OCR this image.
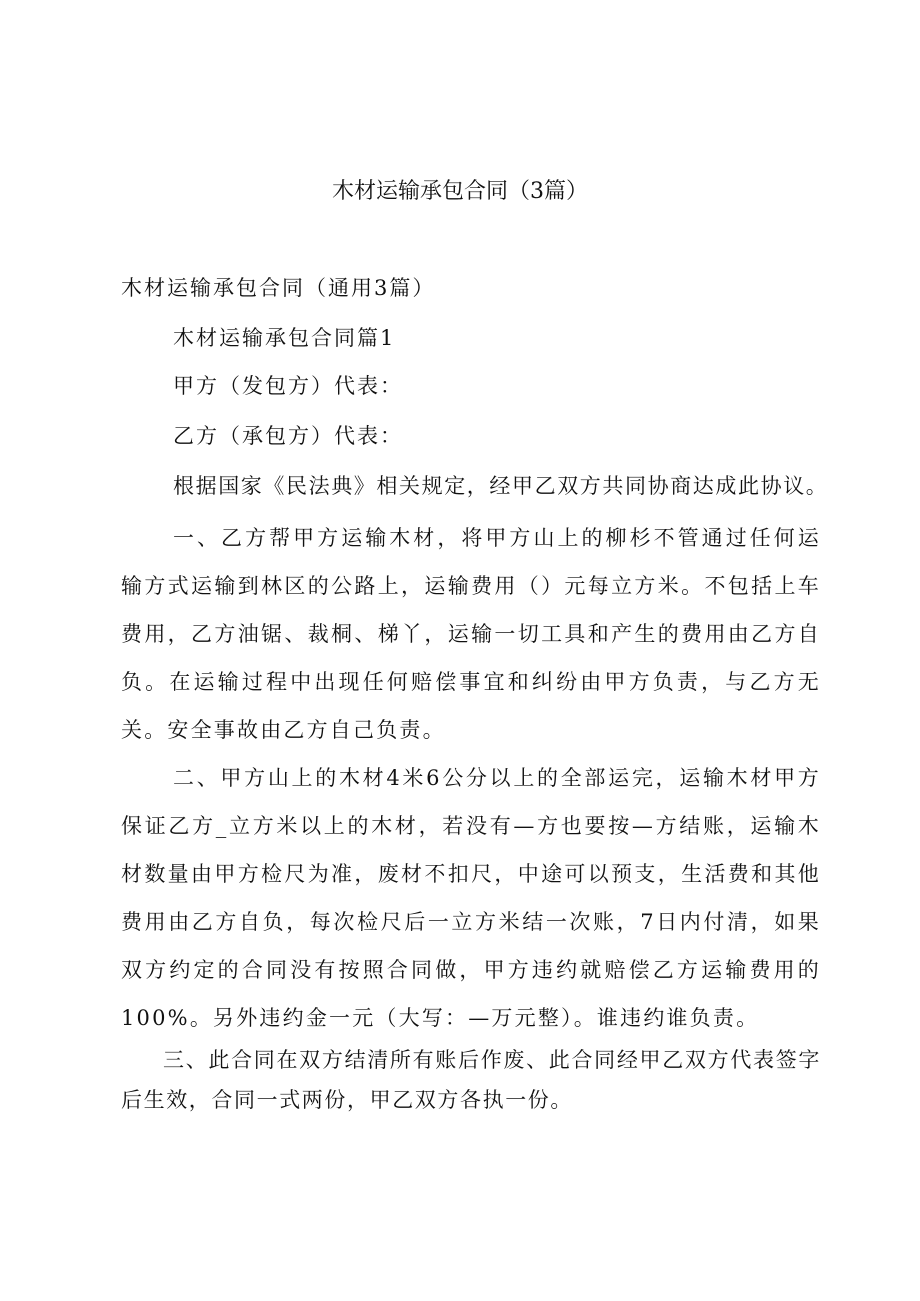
木材运输承包合同（3篇）

木材运输承包合同（通用3篇）

木材运输承包合同篇1

甲方（发包方）代表：

乙方（承包方）代表：

根据国家《民法典》相关规定，经甲乙双方共同协商达成此协议。

一、乙方帮甲方运输木材，将甲方山上的柳杉不管通过任何运输方式运输到林区的公路上，运输费用（）元每立方米。不包括上车费用，乙方油锯、裁桐、梯丫，运输一切工具和产生的费用由乙方自负。在运输过程中出现任何赔偿事宜和纠纷由甲方负责，与乙方无关。安全事故由乙方自己负责。

二、甲方山上的木材4米6公分以上的全部运完，运输木材甲方保证乙方_立方米以上的木材，若没有—方也要按—方结账，运输木材数量由甲方检尺为准，废材不扣尺，中途可以预支，生活费和其他费用由乙方自负，每次检尺后一立方米结一次账，7日内付清，如果双方约定的合同没有按照合同做，甲方违约就赔偿乙方运输费用的100%。另外违约金一元（大写：—万元整）。谁违约谁负责。

三、此合同在双方结清所有账后作废、此合同经甲乙双方代表签字后生效，合同一式两份，甲乙双方各执一份。
